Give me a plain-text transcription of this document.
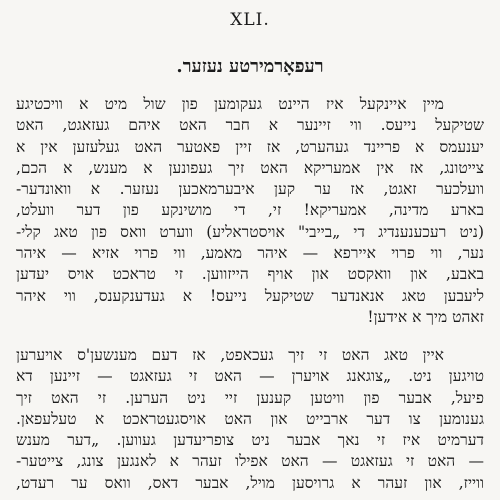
XLI.
רעפאָרמירטע נעזער.
מיין איינקעל איז היינט געקומען פון שול מיט א וויכטיגע
שטיקעל נייעס. ווי זיינער א חבר האט איהם געזאגט, האט
יענעמס א פריינד געהערט, אז זיין פאטער האט געלעזען אין א
צייטונג, אז אין אמעריקא האט זיך געפונען א מענש, א הכם,
וועלכער זאגט, אז ער קען איבערמאכען נעזער. א וואונדער-
בארע מדינה, אמעריקא! זי, די מושינקע פון דער וועלט,
(ניט רעכענענדיג די „בייבי" אויסטראליע) ווערט וואס פון טאג קלי-
נער, ווי פרוי איירפא — איהר מאמע, ווי פרוי אזיא — איהר
באבע, און וואקסט און אויף הייזווען. זי טראכט אויס יעדען
ליעבען טאג אנאנדער שטיקעל נייעס! א געדענקענס, ווי איהר
זאהט מיך א אידען!
איין טאג האט זי זיך געכאפט, אז דעם מענשען'ס אויערען
טויגען ניט. „צוגאנג אויערן — האט זי געזאגט — זיינען דא
פיעל, אבער פון וויטען קענען זיי ניט הערען. זי האט זיך
גענומען צו דער ארבייט און האט אויסגעטראכט א טעלעפאן.
דערמיט איז זי נאך אבער ניט צופריעדען געווען. „דער מענש
— האט זי געזאגט — האט אפילו זעהר א לאנגען צונג, צייטער-
ווייז, און זעהר א גרויסען מויל, אבער דאס, וואס ער רעדט,
